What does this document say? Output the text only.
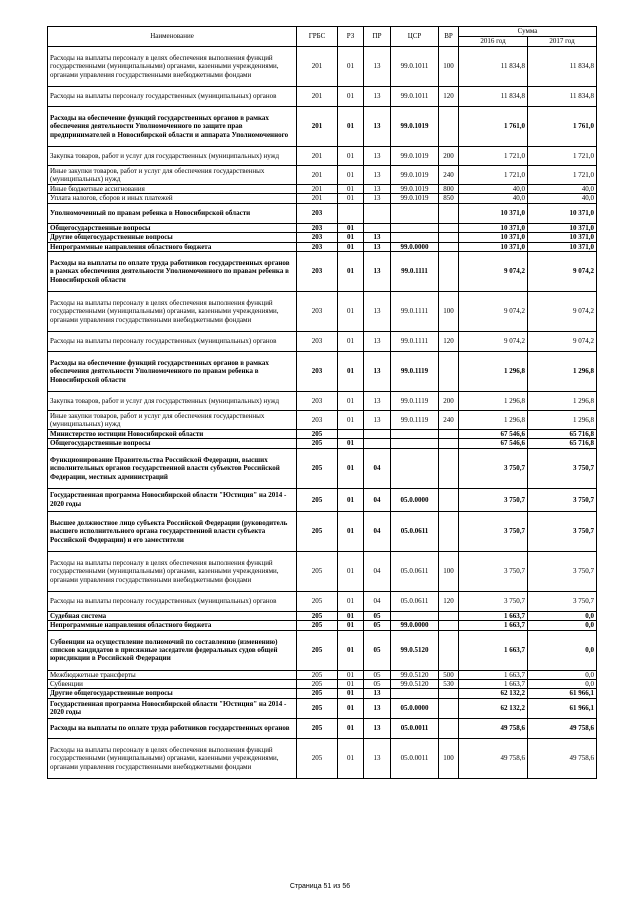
Наименование	ГРБС	РЗ	ПР	ЦСР	ВР	Сумма	
						2016 год	2017 год
Расходы на выплаты персоналу в целях обеспечения выполнения функций государственными (муниципальными) органами, казенными учреждениями, органами управления государственными внебюджетными фондами	201	01	13	99.0.1011	100	11 834,8	11 834,8
Расходы на выплаты персоналу государственных (муниципальных) органов	201	01	13	99.0.1011	120	11 834,8	11 834,8
Расходы на обеспечение функций государственных органов в рамках обеспечения деятельности Уполномоченного по защите прав предпринимателей в Новосибирской области и аппарата Уполномоченного	201	01	13	99.0.1019		1 761,0	1 761,0
Закупка товаров, работ и услуг для государственных (муниципальных) нужд	201	01	13	99.0.1019	200	1 721,0	1 721,0
Иные закупки товаров, работ и услуг для обеспечения государственных (муниципальных) нужд	201	01	13	99.0.1019	240	1 721,0	1 721,0
Иные бюджетные ассигнования	201	01	13	99.0.1019	800	40,0	40,0
Уплата налогов, сборов и иных платежей	201	01	13	99.0.1019	850	40,0	40,0
Уполномоченный по правам ребенка в Новосибирской области	203					10 371,0	10 371,0
Общегосударственные вопросы	203	01				10 371,0	10 371,0
Другие общегосударственные вопросы	203	01	13			10 371,0	10 371,0
Непрограммные направления областного бюджета	203	01	13	99.0.0000		10 371,0	10 371,0
Расходы на выплаты по оплате труда работников государственных органов в рамках обеспечения деятельности Уполномоченного по правам ребенка в Новосибирской области	203	01	13	99.0.1111		9 074,2	9 074,2
Расходы на выплаты персоналу в целях обеспечения выполнения функций государственными (муниципальными) органами, казенными учреждениями, органами управления государственными внебюджетными фондами	203	01	13	99.0.1111	100	9 074,2	9 074,2
Расходы на выплаты персоналу государственных (муниципальных) органов	203	01	13	99.0.1111	120	9 074,2	9 074,2
Расходы на обеспечение функций государственных органов в рамках обеспечения деятельности Уполномоченного по правам ребенка в Новосибирской области	203	01	13	99.0.1119		1 296,8	1 296,8
Закупка товаров, работ и услуг для государственных (муниципальных) нужд	203	01	13	99.0.1119	200	1 296,8	1 296,8
Иные закупки товаров, работ и услуг для обеспечения государственных (муниципальных) нужд	203	01	13	99.0.1119	240	1 296,8	1 296,8
Министерство юстиции Новосибирской области	205					67 546,6	65 716,8
Общегосударственные вопросы	205	01				67 546,6	65 716,8
Функционирование Правительства Российской Федерации, высших исполнительных органов государственной власти субъектов Российской Федерации, местных администраций	205	01	04			3 750,7	3 750,7
Государственная программа Новосибирской области "Юстиция" на 2014 - 2020 годы	205	01	04	05.0.0000		3 750,7	3 750,7
Высшее должностное лицо субъекта Российской Федерации (руководитель высшего исполнительного органа государственной власти субъекта Российской Федерации) и его заместители	205	01	04	05.0.0611		3 750,7	3 750,7
Расходы на выплаты персоналу в целях обеспечения выполнения функций государственными (муниципальными) органами, казенными учреждениями, органами управления государственными внебюджетными фондами	205	01	04	05.0.0611	100	3 750,7	3 750,7
Расходы на выплаты персоналу государственных (муниципальных) органов	205	01	04	05.0.0611	120	3 750,7	3 750,7
Судебная система	205	01	05			1 663,7	0,0
Непрограммные направления областного бюджета	205	01	05	99.0.0000		1 663,7	0,0
Субвенции на осуществление полномочий по составлению (изменению) списков кандидатов в присяжные заседатели федеральных судов общей юрисдикции в Российской Федерации	205	01	05	99.0.5120		1 663,7	0,0
Межбюджетные трансферты	205	01	05	99.0.5120	500	1 663,7	0,0
Субвенции	205	01	05	99.0.5120	530	1 663,7	0,0
Другие общегосударственные вопросы	205	01	13			62 132,2	61 966,1
Государственная программа Новосибирской области "Юстиция" на 2014 - 2020 годы	205	01	13	05.0.0000		62 132,2	61 966,1
Расходы на выплаты по оплате труда работников государственных органов	205	01	13	05.0.0011		49 758,6	49 758,6
Расходы на выплаты персоналу в целях обеспечения выполнения функций государственными (муниципальными) органами, казенными учреждениями, органами управления государственными внебюджетными фондами	205	01	13	05.0.0011	100	49 758,6	49 758,6
Страница 51 из 56
